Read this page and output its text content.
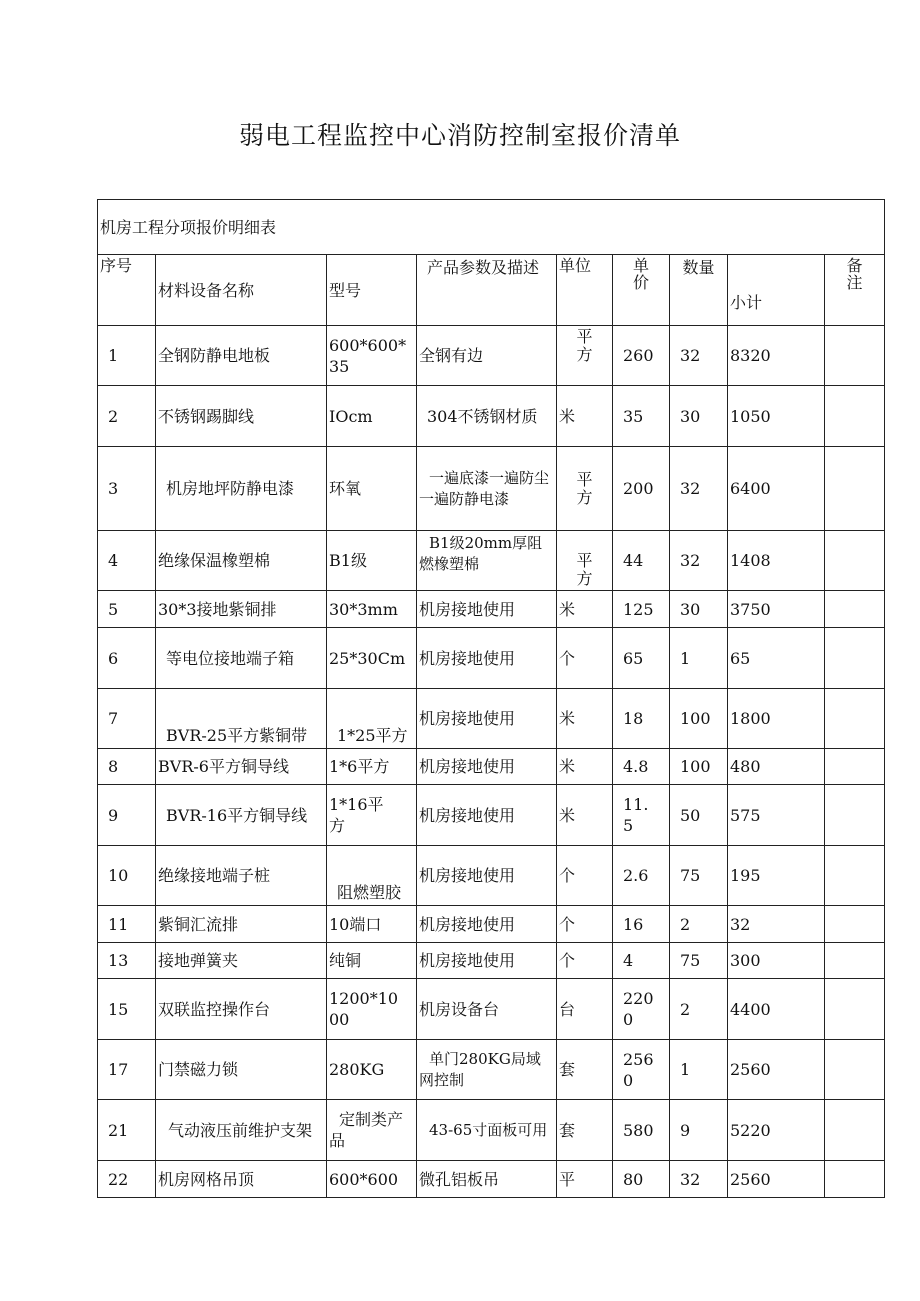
弱电工程监控中心消防控制室报价清单
机房工程分项报价明细表								
序号	材料设备名称	型号	产品参数及描述	单位	单价	数量	小计	备注
1	全钢防静电地板	600*600*35	全钢有边	平方	260	32	8320	
2	不锈钢踢脚线	IOcm	304不锈钢材质	米	35	30	1050	
3	机房地坪防静电漆	环氧	一遍底漆一遍防尘一遍防静电漆	平方	200	32	6400	
4	绝缘保温橡塑棉	B1级	B1级20mm厚阻燃橡塑棉	平方	44	32	1408	
5	30*3接地紫铜排	30*3mm	机房接地使用	米	125	30	3750	
6	等电位接地端子箱	25*30Cm	机房接地使用	个	65	1	65	
7	BVR-25平方紫铜带	1*25平方	机房接地使用	米	18	100	1800	
8	BVR-6平方铜导线	1*6平方	机房接地使用	米	4.8	100	480	
9	BVR-16平方铜导线	1*16平方	机房接地使用	米	11.5	50	575	
10	绝缘接地端子桩	阻燃塑胶	机房接地使用	个	2.6	75	195	
11	紫铜汇流排	10端口	机房接地使用	个	16	2	32	
13	接地弹簧夹	纯铜	机房接地使用	个	4	75	300	
15	双联监控操作台	1200*1000	机房设备台	台	2200	2	4400	
17	门禁磁力锁	280KG	单门280KG局域网控制	套	2560	1	2560	
21	气动液压前维护支架	定制类产品	43-65寸面板可用	套	580	9	5220	
22	机房网格吊顶	600*600	微孔铝板吊	平	80	32	2560	
